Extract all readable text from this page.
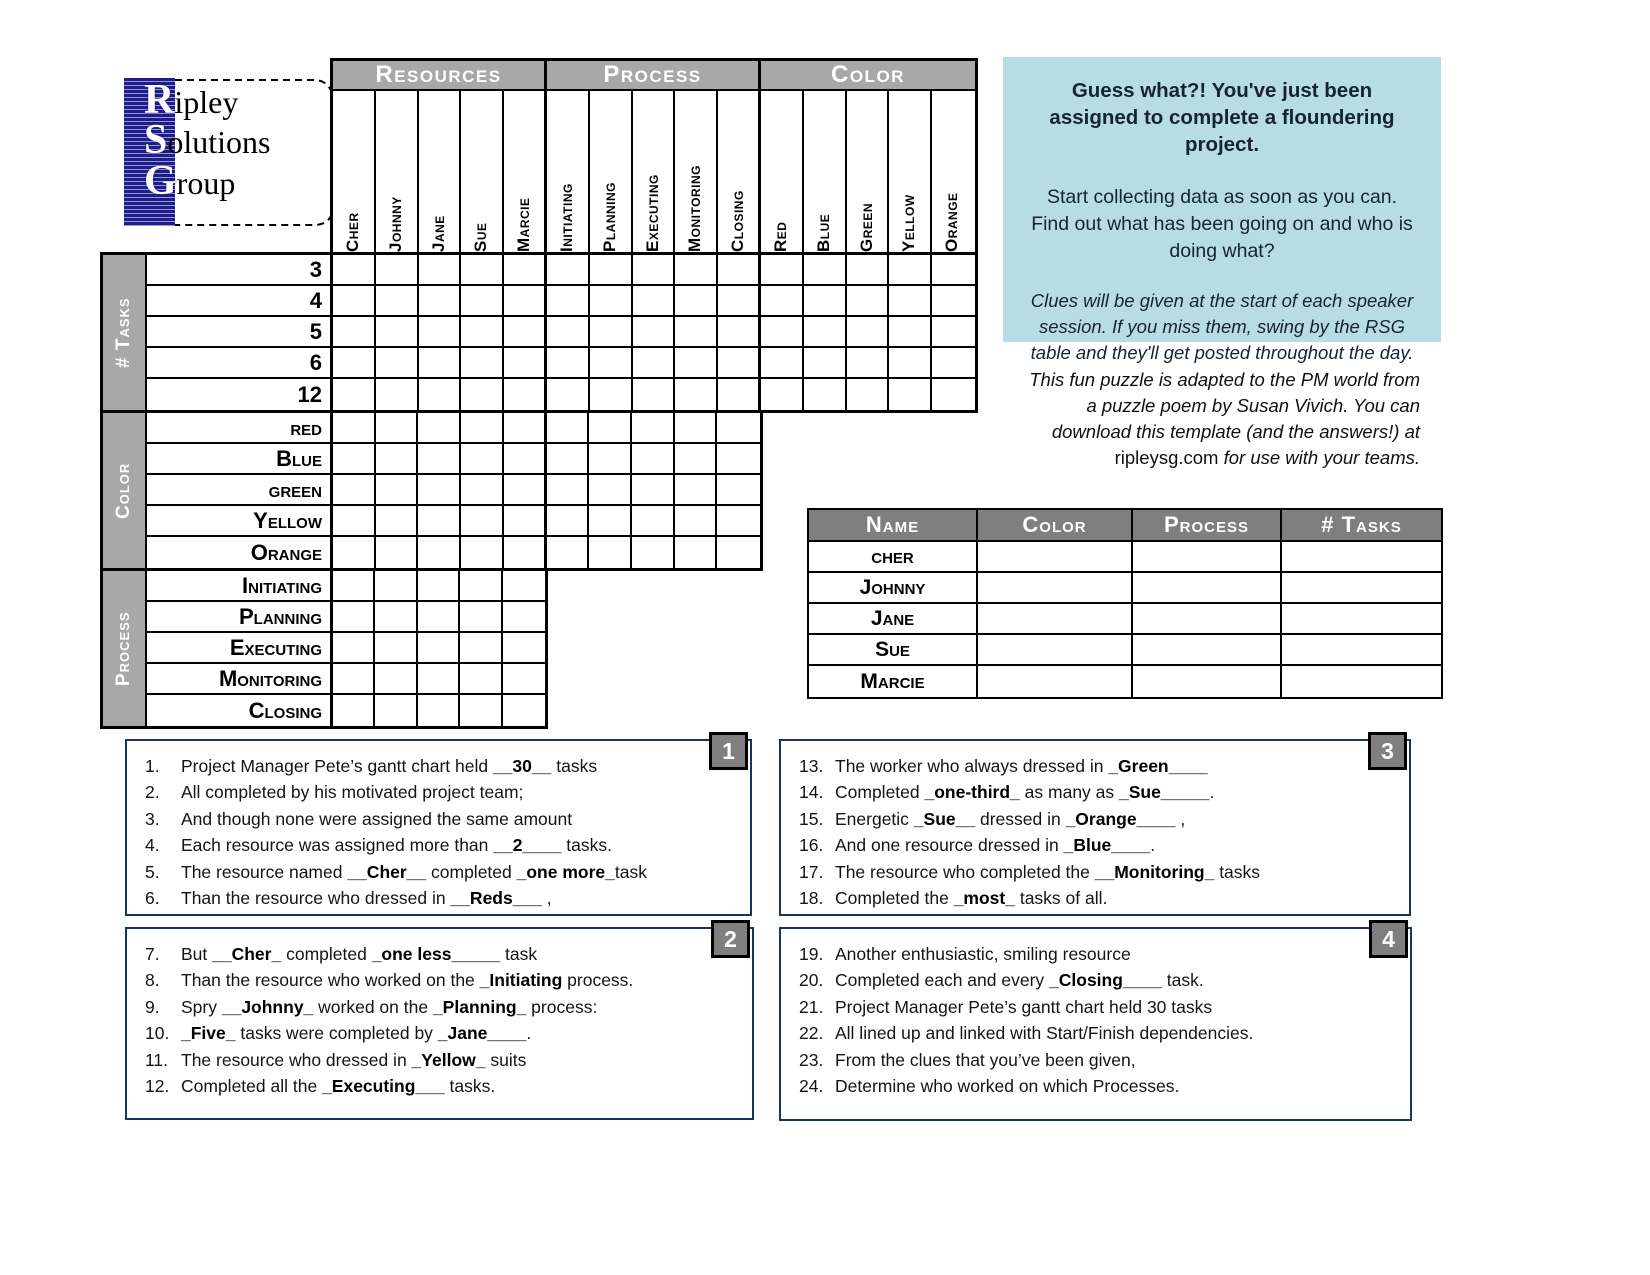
Ripley
Solutions
Group
Resources	Process	Color
Cher	Johnny	Jane	Sue	Marcie	Initiating	Planning	Executing	Monitoring	Closing	Red	Blue	Green	Yellow	Orange
# Tasks
3
4
5
6
12
Color
red
Blue
green
Yellow
Orange
Process
Initiating
Planning
Executing
Monitoring
Closing
Guess what?! You've just been assigned to complete a floundering project.
Start collecting data as soon as you can. Find out what has been going on and who is doing what?
Clues will be given at the start of each speaker session. If you miss them, swing by the RSG table and they'll get posted throughout the day.
This fun puzzle is adapted to the PM world from a puzzle poem by Susan Vivich. You can download this template (and the answers!) at ripleysg.com for use with your teams.
Name	Color	Process	# Tasks
cher
Johnny
Jane
Sue
Marcie
1
1.	Project Manager Pete’s gantt chart held __30__ tasks
2.	All completed by his motivated project team;
3.	And though none were assigned the same amount
4.	Each resource was assigned more than __2____ tasks.
5.	The resource named __Cher__ completed _one more_task
6.	Than the resource who dressed in __Reds___ ,
2
7.	But __Cher_ completed _one less_____ task
8.	Than the resource who worked on the _Initiating process.
9.	Spry __Johnny_ worked on the _Planning_ process:
10. _Five_ tasks were completed by _Jane____.
11. The resource who dressed in _Yellow_ suits
12. Completed all the _Executing___ tasks.
3
13. The worker who always dressed in _Green____
14. Completed _one-third_ as many as _Sue_____.
15. Energetic _Sue__ dressed in _Orange____ ,
16. And one resource dressed in _Blue____.
17. The resource who completed the __Monitoring_ tasks
18. Completed the _most_ tasks of all.
4
19. Another enthusiastic, smiling resource
20. Completed each and every _Closing____ task.
21. Project Manager Pete’s gantt chart held 30 tasks
22. All lined up and linked with Start/Finish dependencies.
23. From the clues that you’ve been given,
24. Determine who worked on which Processes.
